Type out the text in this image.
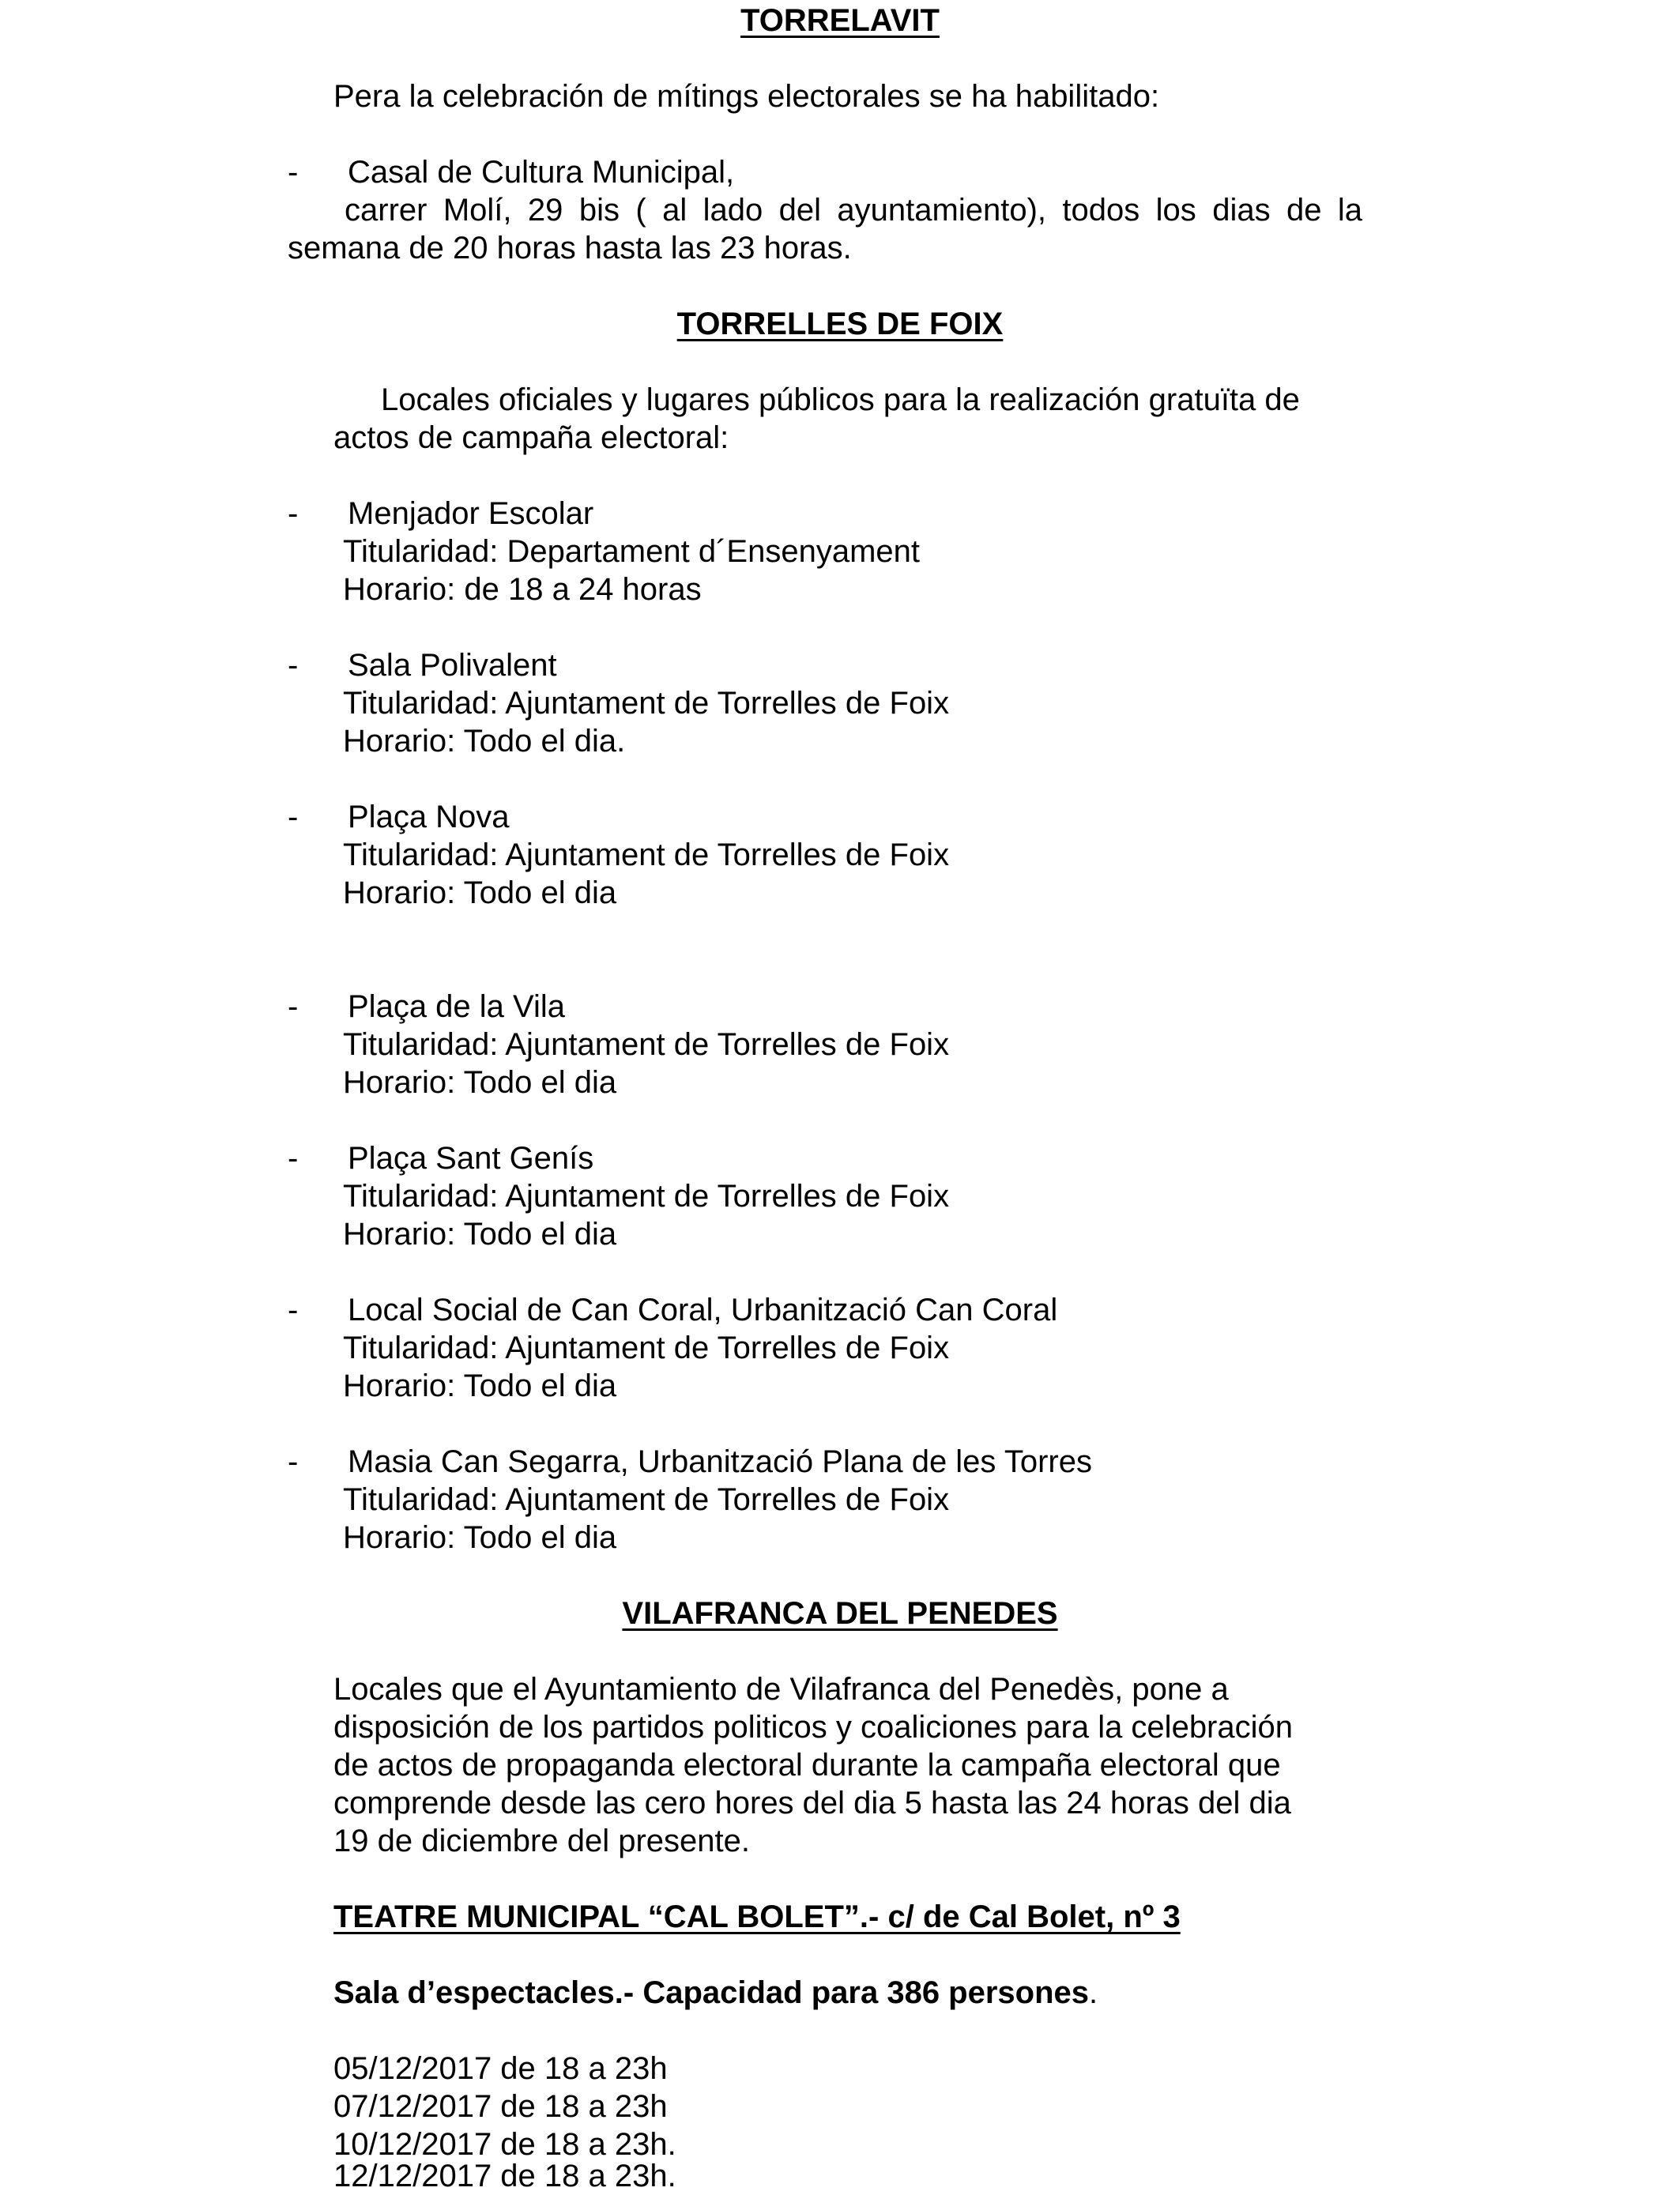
TORRELAVIT
Pera la celebración de mítings electorales se ha habilitado:
- Casal de Cultura Municipal,
carrer Molí, 29 bis ( al lado del ayuntamiento), todos los dias de la
semana de 20 horas hasta las 23 horas.
TORRELLES DE FOIX
Locales oficiales y lugares públicos para la realización gratuïta de
actos de campaña electoral:
- Menjador Escolar
Titularidad: Departament d´Ensenyament
Horario: de 18 a 24 horas
- Sala Polivalent
Titularidad: Ajuntament de Torrelles de Foix
Horario: Todo el dia.
- Plaça Nova
Titularidad: Ajuntament de Torrelles de Foix
Horario: Todo el dia
- Plaça de la Vila
Titularidad: Ajuntament de Torrelles de Foix
Horario: Todo el dia
- Plaça Sant Genís
Titularidad: Ajuntament de Torrelles de Foix
Horario: Todo el dia
- Local Social de Can Coral, Urbanització Can Coral
Titularidad: Ajuntament de Torrelles de Foix
Horario: Todo el dia
- Masia Can Segarra, Urbanització Plana de les Torres
Titularidad: Ajuntament de Torrelles de Foix
Horario: Todo el dia
VILAFRANCA DEL PENEDES
Locales que el Ayuntamiento de Vilafranca del Penedès, pone a
disposición de los partidos politicos y coaliciones para la celebración
de actos de propaganda electoral durante la campaña electoral que
comprende desde las cero hores del dia 5 hasta las 24 horas del dia
19 de diciembre del presente.
TEATRE MUNICIPAL “CAL BOLET”.- c/ de Cal Bolet, nº 3
Sala d’espectacles.- Capacidad para 386 persones.
05/12/2017 de 18 a 23h
07/12/2017 de 18 a 23h
10/12/2017 de 18 a 23h.
12/12/2017 de 18 a 23h.
